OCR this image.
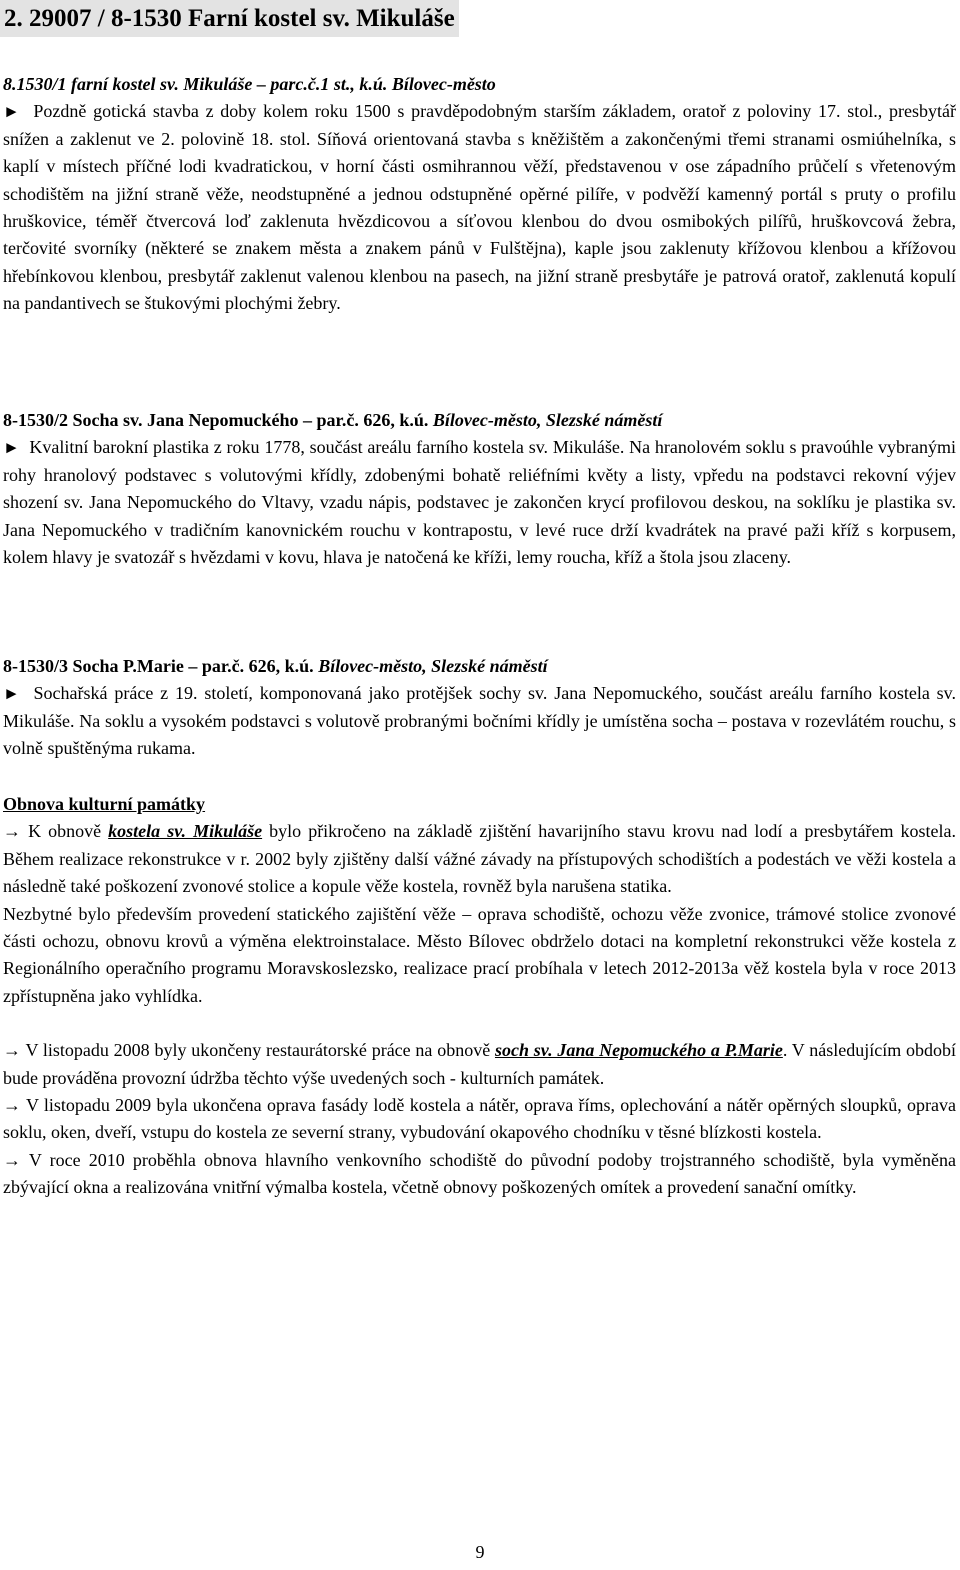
2. 29007 / 8-1530 Farní kostel sv. Mikuláše
8.1530/1 farní kostel sv. Mikuláše – parc.č.1 st., k.ú. Bílovec-město
► Pozdně gotická stavba z doby kolem roku 1500 s pravděpodobným starším základem, oratoř z poloviny 17. stol., presbytář snížen a zaklenut ve 2. polovině 18. stol. Síňová orientovaná stavba s kněžištěm a zakončenými třemi stranami osmiúhelníka, s kaplí v místech příčné lodi kvadratickou, v horní části osmihrannou věží, představenou v ose západního průčelí s vřetenovým schodištěm na jižní straně věže, neodstupněné a jednou odstupněné opěrné pilíře, v podvěží kamenný portál s pruty o profilu hruškovice, téměř čtvercová loď zaklenuta hvězdicovou a síťovou klenbou do dvou osmibokých pilířů, hruškovcová žebra, terčovité svorníky (některé se znakem města a znakem pánů v Fulštějna), kaple jsou zaklenuty křížovou klenbou a křížovou hřebínkovou klenbou, presbytář zaklenut valenou klenbou na pasech, na jižní straně presbytáře je patrová oratoř, zaklenutá kopulí na pandantivech se štukovými plochými žebry.
8-1530/2 Socha sv. Jana Nepomuckého – par.č. 626, k.ú. Bílovec-město, Slezské náměstí
► Kvalitní barokní plastika z roku 1778, součást areálu farního kostela sv. Mikuláše. Na hranolovém soklu s pravoúhle vybranými rohy hranolový podstavec s volutovými křídly, zdobenými bohatě reliéfními květy a listy, vpředu na podstavci rekovní výjev shození sv. Jana Nepomuckého do Vltavy, vzadu nápis, podstavec je zakončen krycí profilovou deskou, na soklíku je plastika sv. Jana Nepomuckého v tradičním kanovnickém rouchu v kontrapostu, v levé ruce drží kvadrátek na pravé paži kříž s korpusem, kolem hlavy je svatozář s hvězdami v kovu, hlava je natočená ke kříži, lemy roucha, kříž a štola jsou zlaceny.
8-1530/3 Socha P.Marie – par.č. 626, k.ú. Bílovec-město, Slezské náměstí
► Sochařská práce z 19. století, komponovaná jako protějšek sochy sv. Jana Nepomuckého, součást areálu farního kostela sv. Mikuláše. Na soklu a vysokém podstavci s volutově probranými bočními křídly je umístěna socha – postava v rozevlátém rouchu, s volně spuštěnýma rukama.
Obnova kulturní památky
→ K obnově kostela sv. Mikuláše bylo přikročeno na základě zjištění havarijního stavu krovu nad lodí a presbytářem kostela. Během realizace rekonstrukce v r. 2002 byly zjištěny další vážné závady na přístupových schodištích a podestách ve věži kostela a následně také poškození zvonové stolice a kopule věže kostela, rovněž byla narušena statika.
Nezbytné bylo především provedení statického zajištění věže – oprava schodiště, ochozu věže zvonice, trámové stolice zvonové části ochozu, obnovu krovů a výměna elektroinstalace. Město Bílovec obdrželo dotaci na kompletní rekonstrukci věže kostela z Regionálního operačního programu Moravskoslezsko, realizace prací probíhala v letech 2012-2013a věž kostela byla v roce 2013 zpřístupněna jako vyhlídka.
→ V listopadu 2008 byly ukončeny restaurátorské práce na obnově soch sv. Jana Nepomuckého a P.Marie. V následujícím období bude prováděna provozní údržba těchto výše uvedených soch - kulturních památek.
→ V listopadu 2009 byla ukončena oprava fasády lodě kostela a nátěr, oprava říms, oplechování a nátěr opěrných sloupků, oprava soklu, oken, dveří, vstupu do kostela ze severní strany, vybudování okapového chodníku v těsné blízkosti kostela.
→ V roce 2010 proběhla obnova hlavního venkovního schodiště do původní podoby trojstranného schodiště, byla vyměněna zbývající okna a realizována vnitřní výmalba kostela, včetně obnovy poškozených omítek a provedení sanační omítky.
9
